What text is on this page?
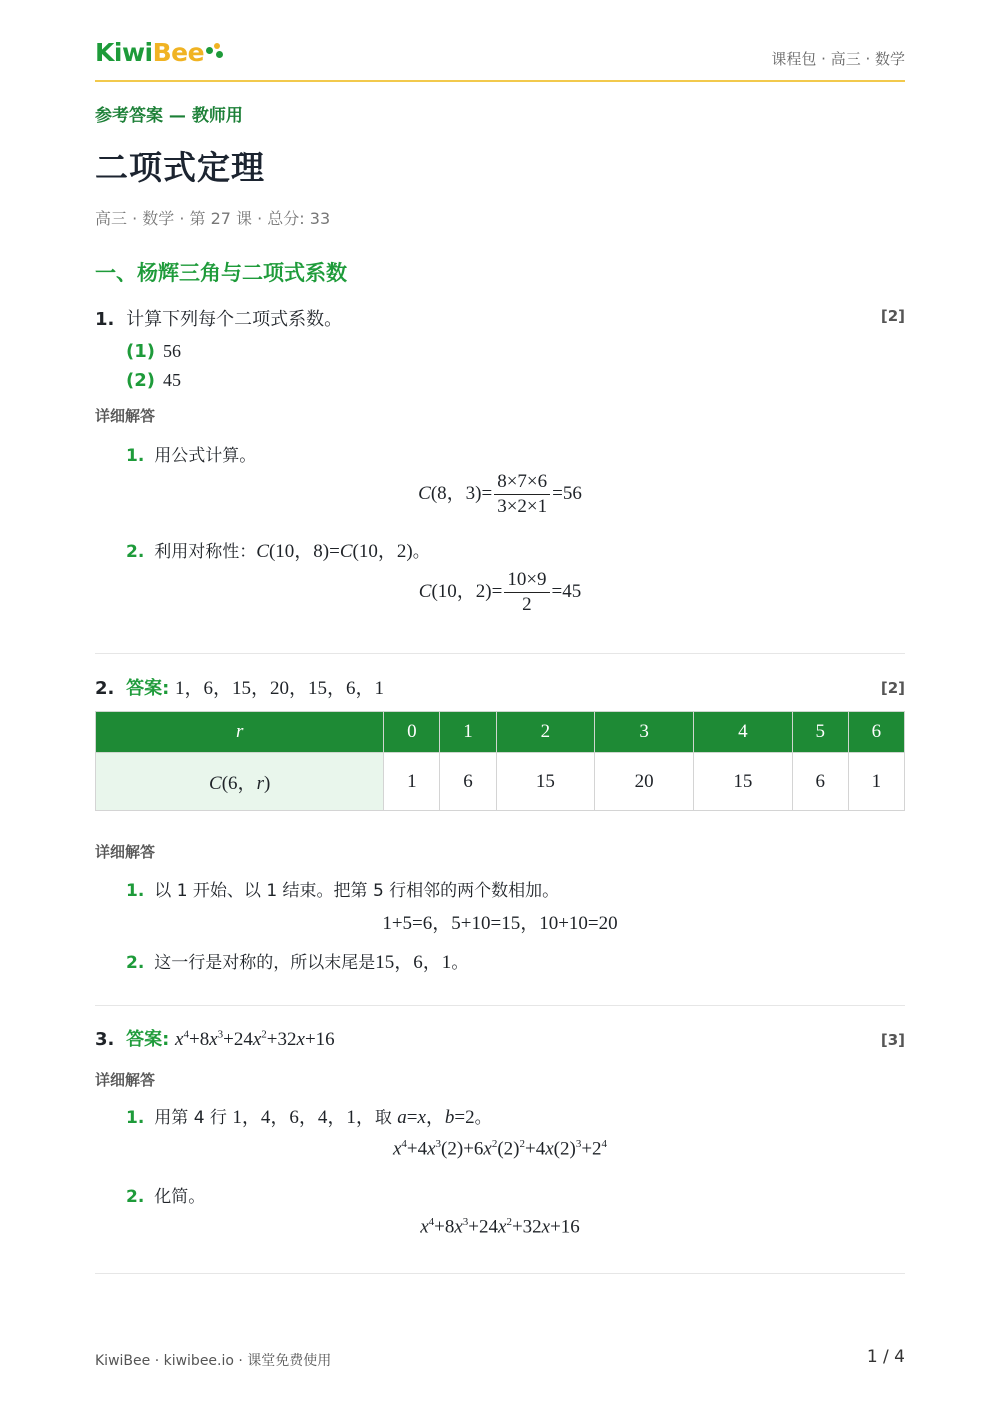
KiwiBee	课程包 · 高三 · 数学
参考答案 — 教师用
二项式定理
高三 · 数学 · 第 27 课 · 总分: 33
一、杨辉三角与二项式系数
1. 计算下列每个二项式系数。	[2]
(1) 56
(2) 45
详细解答
1. 用公式计算。
C(8，$3)= \frac{8\times 7\times 6}{3\times 2\times 1} =56$
2. 利用对称性：C(10，8)=C(10，2)。
C(10，$2)= \frac{10\times 9}{2} =45$
2. 答案: 1，6，15，20，15，6，1	[2]
r	0	1	2	3	4	5	6
C(6，r)	1	6	15	20	15	6	1
详细解答
1. 以 1 开始、以 1 结束。把第 5 行相邻的两个数相加。
1+5=6，5+10=15，10+10=20
2. 这一行是对称的，所以末尾是15，6，1。
3. 答案: $x^4+8x^3+24x^2+32x+16$	[3]
详细解答
1. 用第 4 行 1，4，6，4，1，取 a=x，b=2。
$x^4+4x^3(2)+6x^2(2)^2+4x(2)^3+2^4$
2. 化简。
$x^4+8x^3+24x^2+32x+16$
KiwiBee · kiwibee.io · 课堂免费使用	1 / 4
